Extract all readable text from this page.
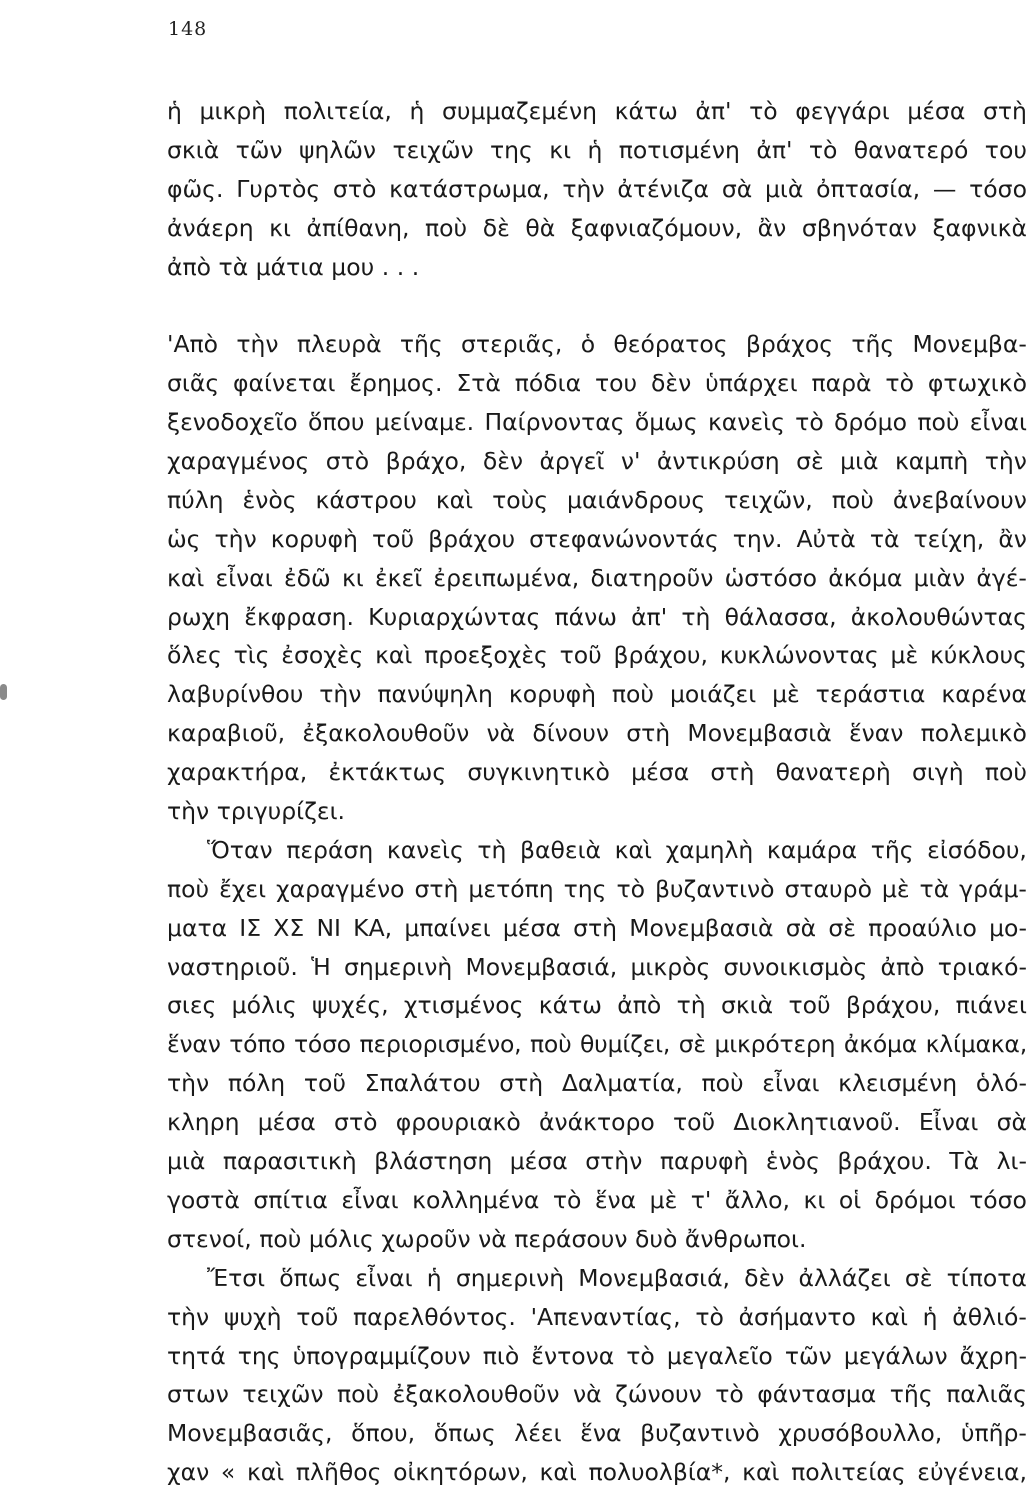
148
ἡ μικρὴ πολιτεία, ἡ συμμαζεμένη κάτω ἀπ' τὸ φεγγάρι μέσα στὴ
σκιὰ τῶν ψηλῶν τειχῶν της κι ἡ ποτισμένη ἀπ' τὸ θανατερό του
φῶς. Γυρτὸς στὸ κατάστρωμα, τὴν ἀτένιζα σὰ μιὰ ὀπτασία, — τόσο
ἀνάερη κι ἀπίθανη, ποὺ δὲ θὰ ξαφνιαζόμουν, ἂν σβηνόταν ξαφνικὰ
ἀπὸ τὰ μάτια μου . . .
'Απὸ τὴν πλευρὰ τῆς στεριᾶς, ὁ θεόρατος βράχος τῆς Μονεμβα-
σιᾶς φαίνεται ἔρημος. Στὰ πόδια του δὲν ὑπάρχει παρὰ τὸ φτωχικὸ
ξενοδοχεῖο ὅπου μείναμε. Παίρνοντας ὅμως κανεὶς τὸ δρόμο ποὺ εἶναι
χαραγμένος στὸ βράχο, δὲν ἀργεῖ ν' ἀντικρύση σὲ μιὰ καμπὴ τὴν
πύλη ἑνὸς κάστρου καὶ τοὺς μαιάνδρους τειχῶν, ποὺ ἀνεβαίνουν
ὡς τὴν κορυφὴ τοῦ βράχου στεφανώνοντάς την. Αὐτὰ τὰ τείχη, ἂν
καὶ εἶναι ἐδῶ κι ἐκεῖ ἐρειπωμένα, διατηροῦν ὡστόσο ἀκόμα μιὰν ἀγέ-
ρωχη ἔκφραση. Κυριαρχώντας πάνω ἀπ' τὴ θάλασσα, ἀκολουθώντας
ὅλες τὶς ἐσοχὲς καὶ προεξοχὲς τοῦ βράχου, κυκλώνοντας μὲ κύκλους
λαβυρίνθου τὴν πανύψηλη κορυφὴ ποὺ μοιάζει μὲ τεράστια καρένα
καραβιοῦ, ἐξακολουθοῦν νὰ δίνουν στὴ Μονεμβασιὰ ἕναν πολεμικὸ
χαρακτήρα, ἐκτάκτως συγκινητικὸ μέσα στὴ θανατερὴ σιγὴ ποὺ
τὴν τριγυρίζει.
Ὅταν περάση κανεὶς τὴ βαθειὰ καὶ χαμηλὴ καμάρα τῆς εἰσόδου,
ποὺ ἔχει χαραγμένο στὴ μετόπη της τὸ βυζαντινὸ σταυρὸ μὲ τὰ γράμ-
ματα ΙΣ ΧΣ ΝΙ ΚΑ, μπαίνει μέσα στὴ Μονεμβασιὰ σὰ σὲ προαύλιο μο-
ναστηριοῦ. Ἡ σημερινὴ Μονεμβασιά, μικρὸς συνοικισμὸς ἀπὸ τριακό-
σιες μόλις ψυχές, χτισμένος κάτω ἀπὸ τὴ σκιὰ τοῦ βράχου, πιάνει
ἕναν τόπο τόσο περιορισμένο, ποὺ θυμίζει, σὲ μικρότερη ἀκόμα κλίμακα,
τὴν πόλη τοῦ Σπαλάτου στὴ Δαλματία, ποὺ εἶναι κλεισμένη ὁλό-
κληρη μέσα στὸ φρουριακὸ ἀνάκτορο τοῦ Διοκλητιανοῦ. Εἶναι σὰ
μιὰ παρασιτικὴ βλάστηση μέσα στὴν παρυφὴ ἑνὸς βράχου. Τὰ λι-
γοστὰ σπίτια εἶναι κολλημένα τὸ ἕνα μὲ τ' ἄλλο, κι οἱ δρόμοι τόσο
στενοί, ποὺ μόλις χωροῦν νὰ περάσουν δυὸ ἄνθρωποι.
Ἔτσι ὅπως εἶναι ἡ σημερινὴ Μονεμβασιά, δὲν ἀλλάζει σὲ τίποτα
τὴν ψυχὴ τοῦ παρελθόντος. 'Απεναντίας, τὸ ἀσήμαντο καὶ ἡ ἀθλιό-
τητά της ὑπογραμμίζουν πιὸ ἔντονα τὸ μεγαλεῖο τῶν μεγάλων ἄχρη-
στων τειχῶν ποὺ ἐξακολουθοῦν νὰ ζώνουν τὸ φάντασμα τῆς παλιᾶς
Μονεμβασιᾶς, ὅπου, ὅπως λέει ἕνα βυζαντινὸ χρυσόβουλλο, ὑπῆρ-
χαν « καὶ πλῆθος οἰκητόρων, καὶ πολυολβία*, καὶ πολιτείας εὐγένεια,
